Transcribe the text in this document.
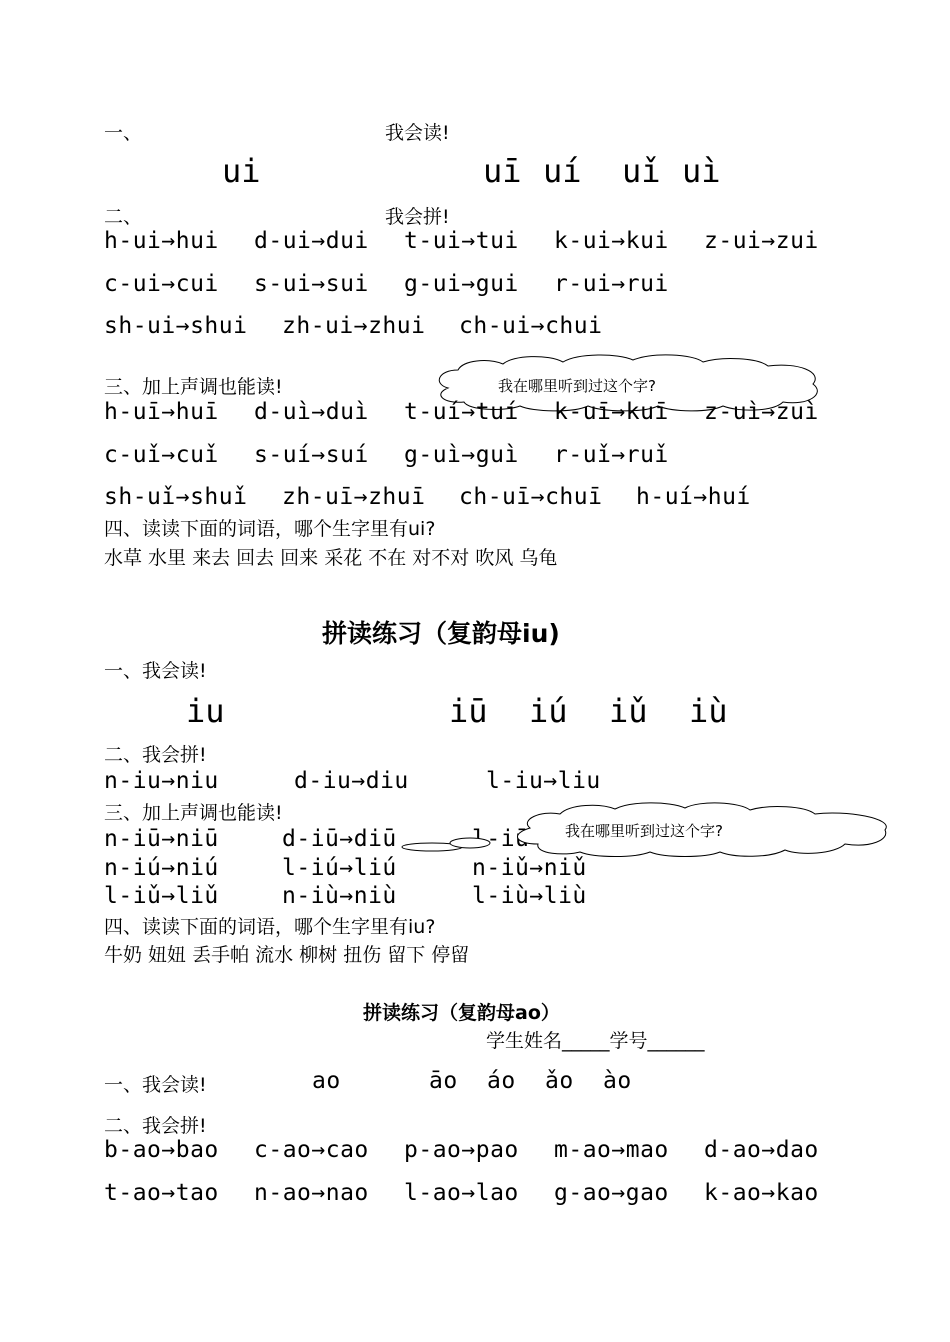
一、	我会读!
ui	uī uí uǐ uì
二、	我会拼!
h-ui→hui d-ui→dui t-ui→tui k-ui→kui z-ui→zui
c-ui→cui s-ui→sui g-ui→gui r-ui→rui
sh-ui→shui zh-ui→zhui ch-ui→chui
三、加上声调也能读!	我在哪里听到过这个字?
h-uī→huī d-uì→duì t-uí→tuí k-uī→kuī z-uì→zuì
c-uǐ→cuǐ s-uí→suí g-uì→guì r-uǐ→ruǐ
sh-uǐ→shuǐ zh-uī→zhuī ch-uī→chuī h-uí→huí
四、读读下面的词语，哪个生字里有ui?
水草 水里 来去 回去 回来 采花 不在 对不对 吹风 乌龟
拼读练习（复韵母iu)
一、我会读!
iu	iū iú iǔ iù
二、我会拼!
n-iu→niu	d-iu→diu	l-iu→liu
三、加上声调也能读!
n-iū→niū	d-iū→diū
n-iú→niú	l-iú→liú	n-iǔ→niǔ
l-iǔ→liǔ	n-iù→niù	l-iù→liù
我在哪里听到过这个字?
四、读读下面的词语，哪个生字里有iu?
牛奶 妞妞 丢手帕 流水 柳树 扭伤 留下 停留
拼读练习（复韵母ao）
学生姓名_____学号______
一、我会读!	ao	āo áo ǎo ào
二、我会拼!
b-ao→bao c-ao→cao p-ao→pao m-ao→mao d-ao→dao
t-ao→tao n-ao→nao l-ao→lao g-ao→gao k-ao→kao
